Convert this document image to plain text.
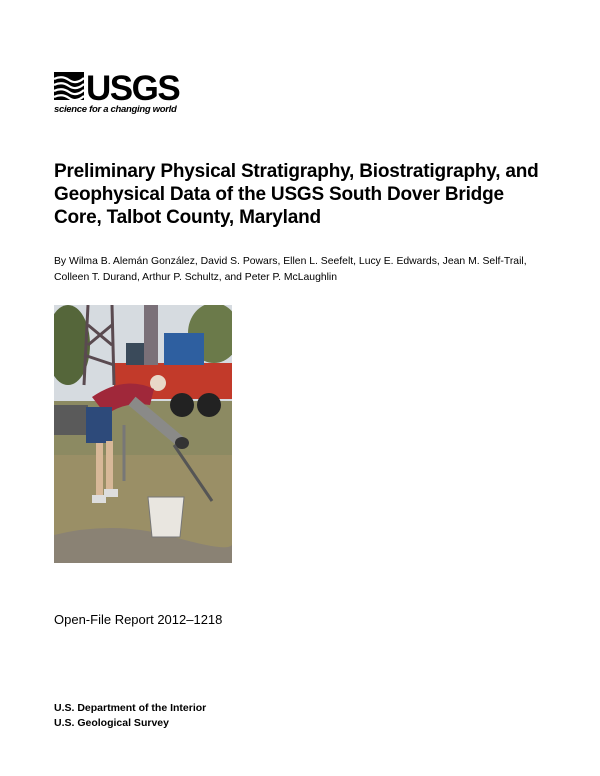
USGS
science for a changing world
Preliminary Physical Stratigraphy, Biostratigraphy, and Geophysical Data of the USGS South Dover Bridge Core, Talbot County, Maryland

By Wilma B. Alemán González, David S. Powars, Ellen L. Seefelt, Lucy E. Edwards, Jean M. Self-Trail, Colleen T. Durand, Arthur P. Schultz, and Peter P. McLaughlin

Open-File Report 2012–1218

U.S. Department of the Interior
U.S. Geological Survey
